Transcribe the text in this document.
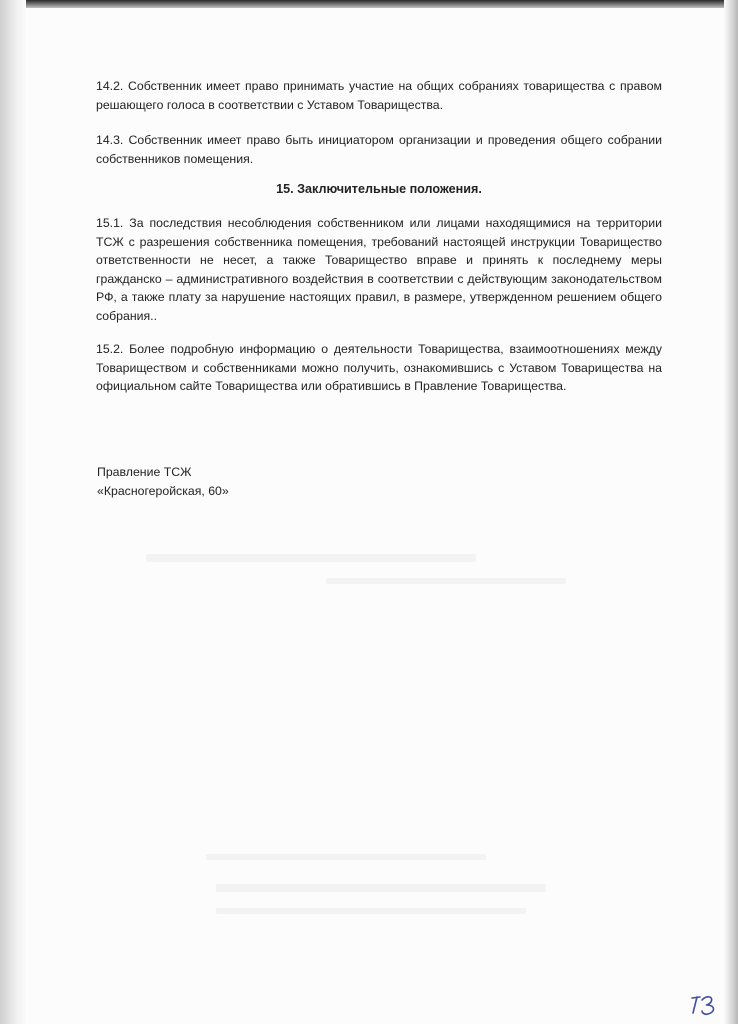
14.2. Собственник имеет право принимать участие на общих собраниях товарищества с правом решающего голоса в соответствии с Уставом Товарищества.

14.3. Собственник имеет право быть инициатором организации и проведения общего собрании собственников помещения.

15. Заключительные положения.

15.1. За последствия несоблюдения собственником или лицами находящимися на территории ТСЖ с разрешения собственника помещения, требований настоящей инструкции Товарищество ответственности не несет, а также Товарищество вправе и принять к последнему меры гражданско – административного воздействия в соответствии с действующим законодательством РФ, а также плату за нарушение настоящих правил, в размере, утвержденном решением общего собрания..

15.2. Более подробную информацию о деятельности Товарищества, взаимоотношениях между Товариществом и собственниками можно получить, ознакомившись с Уставом Товарищества на официальном сайте Товарищества или обратившись в Правление Товарищества.

Правление ТСЖ
«Красногеройская, 60»
